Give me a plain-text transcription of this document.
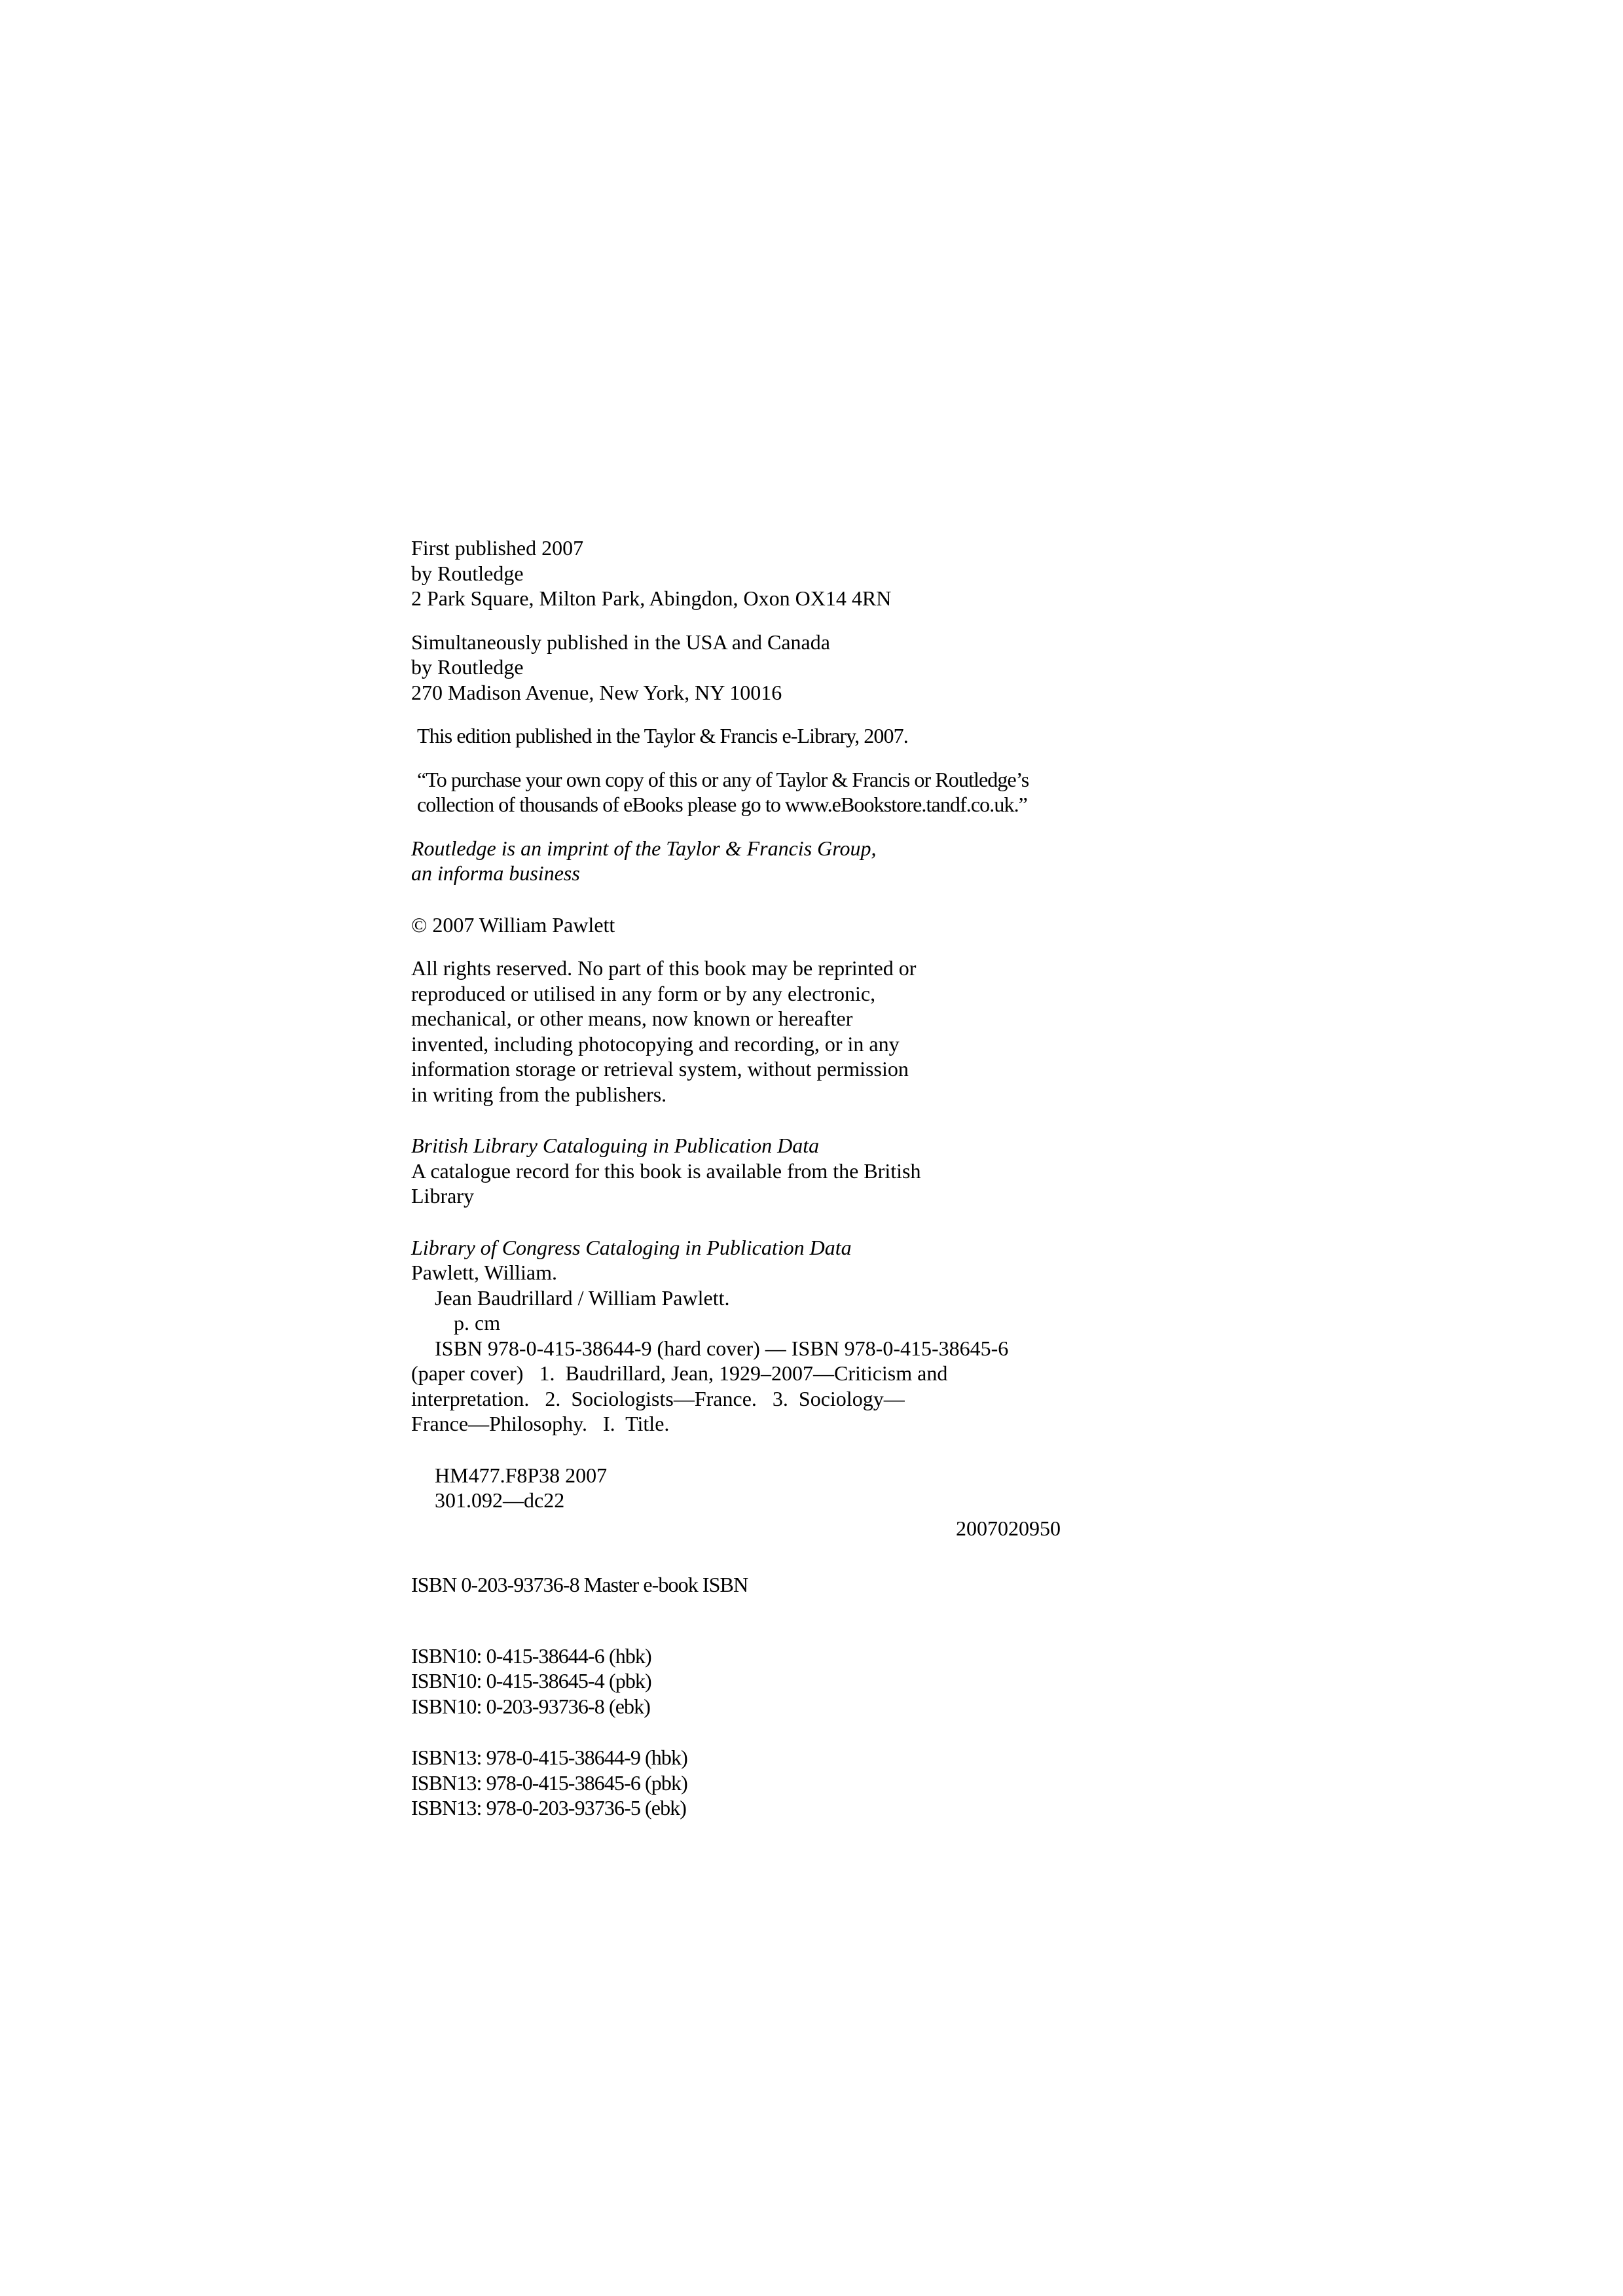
First published 2007
by Routledge
2 Park Square, Milton Park, Abingdon, Oxon OX14 4RN
Simultaneously published in the USA and Canada
by Routledge
270 Madison Avenue, New York, NY 10016
This edition published in the Taylor & Francis e-Library, 2007.
“To purchase your own copy of this or any of Taylor & Francis or Routledge’s
collection of thousands of eBooks please go to www.eBookstore.tandf.co.uk.”
Routledge is an imprint of the Taylor & Francis Group,
an informa business
© 2007 William Pawlett
All rights reserved. No part of this book may be reprinted or
reproduced or utilised in any form or by any electronic,
mechanical, or other means, now known or hereafter
invented, including photocopying and recording, or in any
information storage or retrieval system, without permission
in writing from the publishers.
British Library Cataloguing in Publication Data
A catalogue record for this book is available from the British
Library
Library of Congress Cataloging in Publication Data
Pawlett, William.
Jean Baudrillard / William Pawlett.
p. cm
ISBN 978-0-415-38644-9 (hard cover) — ISBN 978-0-415-38645-6
(paper cover)   1.  Baudrillard, Jean, 1929–2007—Criticism and
interpretation.   2.  Sociologists—France.   3.  Sociology—
France—Philosophy.   I.  Title.
HM477.F8P38 2007
301.092—dc22
2007020950
ISBN 0-203-93736-8 Master e-book ISBN
ISBN10: 0-415-38644-6 (hbk)
ISBN10: 0-415-38645-4 (pbk)
ISBN10: 0-203-93736-8 (ebk)
ISBN13: 978-0-415-38644-9 (hbk)
ISBN13: 978-0-415-38645-6 (pbk)
ISBN13: 978-0-203-93736-5 (ebk)
